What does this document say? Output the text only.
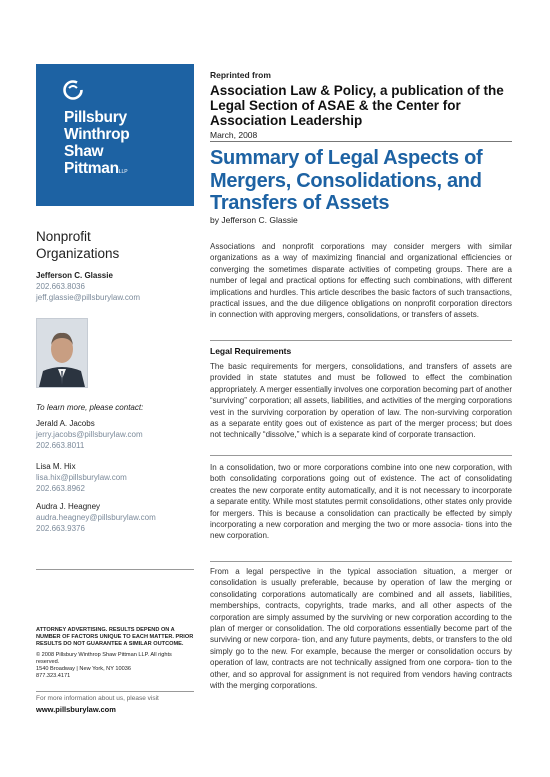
Pillsbury
Winthrop
Shaw
PittmanLLP
Reprinted from
Association Law & Policy, a publication of the Legal Section of ASAE & the Center for Association Leadership
March, 2008
Summary of Legal Aspects of Mergers, Consolidations, and Transfers of Assets
by Jefferson C. Glassie
Nonprofit
Organizations
Jefferson C. Glassie
202.663.8036
jeff.glassie@pillsburylaw.com
To learn more, please contact:
Jerald A. Jacobs
jerry.jacobs@pillsburylaw.com
202.663.8011
Lisa M. Hix
lisa.hix@pillsburylaw.com
202.663.8962
Audra J. Heagney
audra.heagney@pillsburylaw.com
202.663.9376
ATTORNEY ADVERTISING. RESULTS DEPEND ON A NUMBER OF FACTORS UNIQUE TO EACH MATTER. PRIOR RESULTS DO NOT GUARANTEE A SIMILAR OUTCOME.
© 2008 Pillsbury Winthrop Shaw Pittman LLP. All rights reserved.
1540 Broadway | New York, NY 10036
877.323.4171
For more information about us, please visit
www.pillsburylaw.com

Associations and nonprofit corporations may consider mergers with similar organizations as a way of maximizing financial and organizational efficiencies or converging the sometimes disparate activities of competing groups. There are a number of legal and practical options for effecting such combinations, with different implications and hurdles. This article describes the basic factors of such transactions, practical issues, and the due diligence obligations on nonprofit corporation directors in connection with approving mergers, consolidations, or transfers of assets.

Legal Requirements

The basic requirements for mergers, consolidations, and transfers of assets are provided in state statutes and must be followed to effect the combination appropriately. A merger essentially involves one corporation becoming part of another “surviving” corporation; all assets, liabilities, and activities of the merging corporations vest in the surviving corporation by operation of law. The non-surviving corporation as a separate entity goes out of existence as part of the merger process; but does not technically “dissolve,” which is a separate kind of corporate transaction.

In a consolidation, two or more corporations combine into one new corporation, with both consolidating corporations going out of existence. The act of consolidating creates the new corporate entity automatically, and it is not necessary to incorporate a separate entity. While most statutes permit consolidations, other states only provide for mergers. This is because a consolidation can practically be effected by simply incorporating a new corporation and merging the two or more associa- tions into the new corporation.

From a legal perspective in the typical association situation, a merger or consolidation is usually preferable, because by operation of law the merging or consolidating corporations automatically are combined and all assets, liabilities, memberships, contracts, copyrights, trade marks, and all other aspects of the corporation are simply assumed by the surviving or new corporation according to the plan of merger or consolidation. The old corporations essentially become part of the surviving or new corpora- tion, and any future payments, debts, or transfers to the old simply go to the new. For example, because the merger or consolidation occurs by operation of law, contracts are not technically assigned from one corpora- tion to the other, and so approval for assignment is not required from vendors having contracts with the merging corporations.
